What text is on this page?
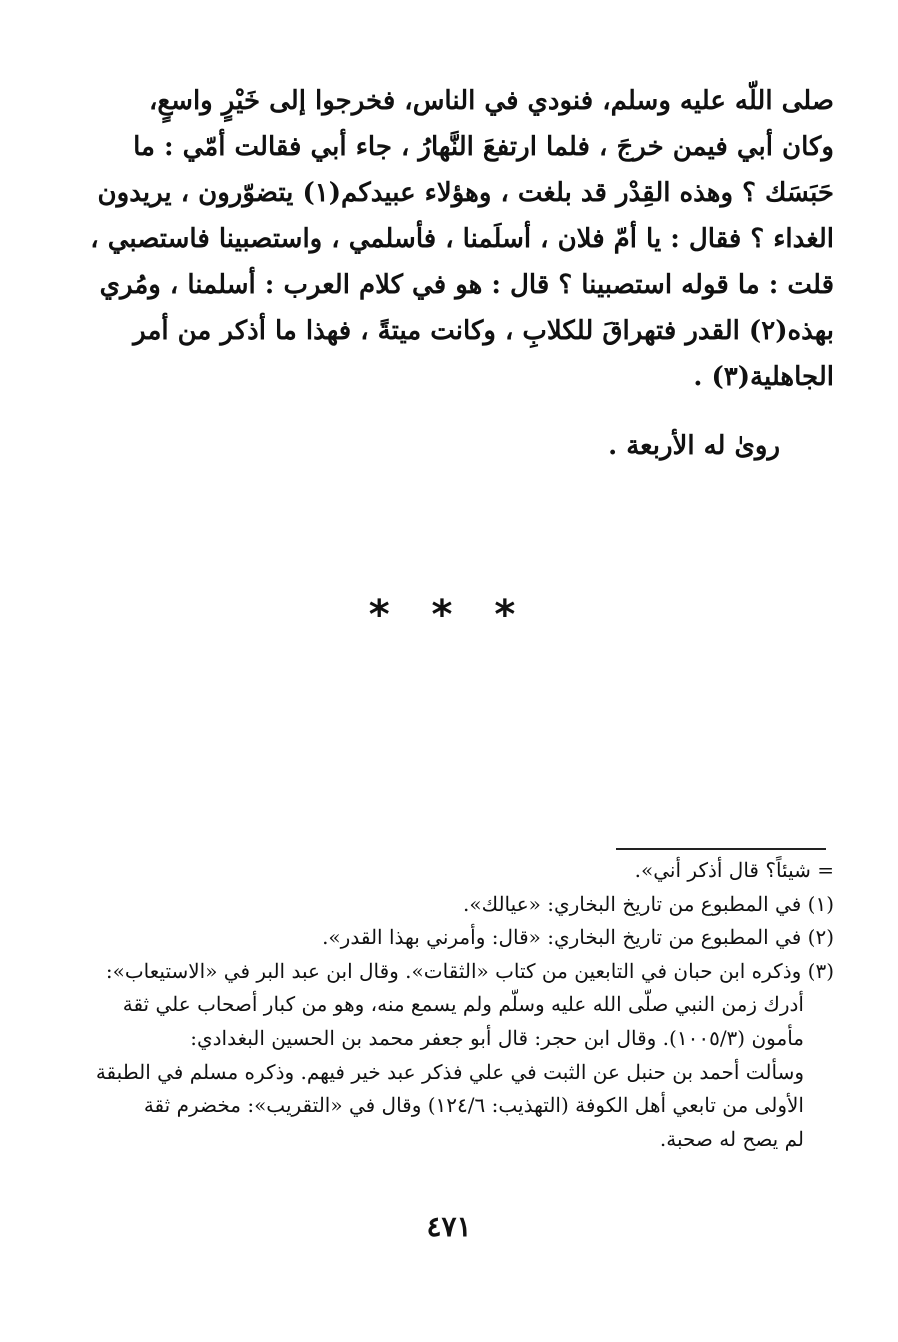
صلى اللّه عليه وسلم، فنودي في الناس، فخرجوا إلى خَيْرٍ واسعٍ،
وكان أبي فيمن خرجَ ، فلما ارتفعَ النَّهارُ ، جاء أبي فقالت أمّي : ما
حَبَسَك ؟ وهذه القِدْر قد بلغت ، وهؤلاء عبيدكم(١) يتضوّرون ، يريدون
الغداء ؟ فقال : يا أمّ فلان ، أسلَمنا ، فأسلمي ، واستصبينا فاستصبي ،
قلت : ما قوله استصبينا ؟ قال : هو في كلام العرب : أسلمنا ، ومُري
بهذه(٢) القدر فتهراقَ للكلابِ ، وكانت ميتةً ، فهذا ما أذكر من أمر
الجاهلية(٣) .
روىٰ له الأربعة .
* * *
= شيئاً؟ قال أذكر أني».
(١) في المطبوع من تاريخ البخاري: «عيالك».
(٢) في المطبوع من تاريخ البخاري: «قال: وأمرني بهذا القدر».
(٣) وذكره ابن حبان في التابعين من كتاب «الثقات». وقال ابن عبد البر في «الاستيعاب»:
أدرك زمن النبي صلّى الله عليه وسلّم ولم يسمع منه، وهو من كبار أصحاب علي ثقة
مأمون (١٠٠٥/٣). وقال ابن حجر: قال أبو جعفر محمد بن الحسين البغدادي:
وسألت أحمد بن حنبل عن الثبت في علي فذكر عبد خير فيهم. وذكره مسلم في الطبقة
الأولى من تابعي أهل الكوفة (التهذيب: ١٢٤/٦) وقال في «التقريب»: مخضرم ثقة
لم يصح له صحبة.
٤٧١
